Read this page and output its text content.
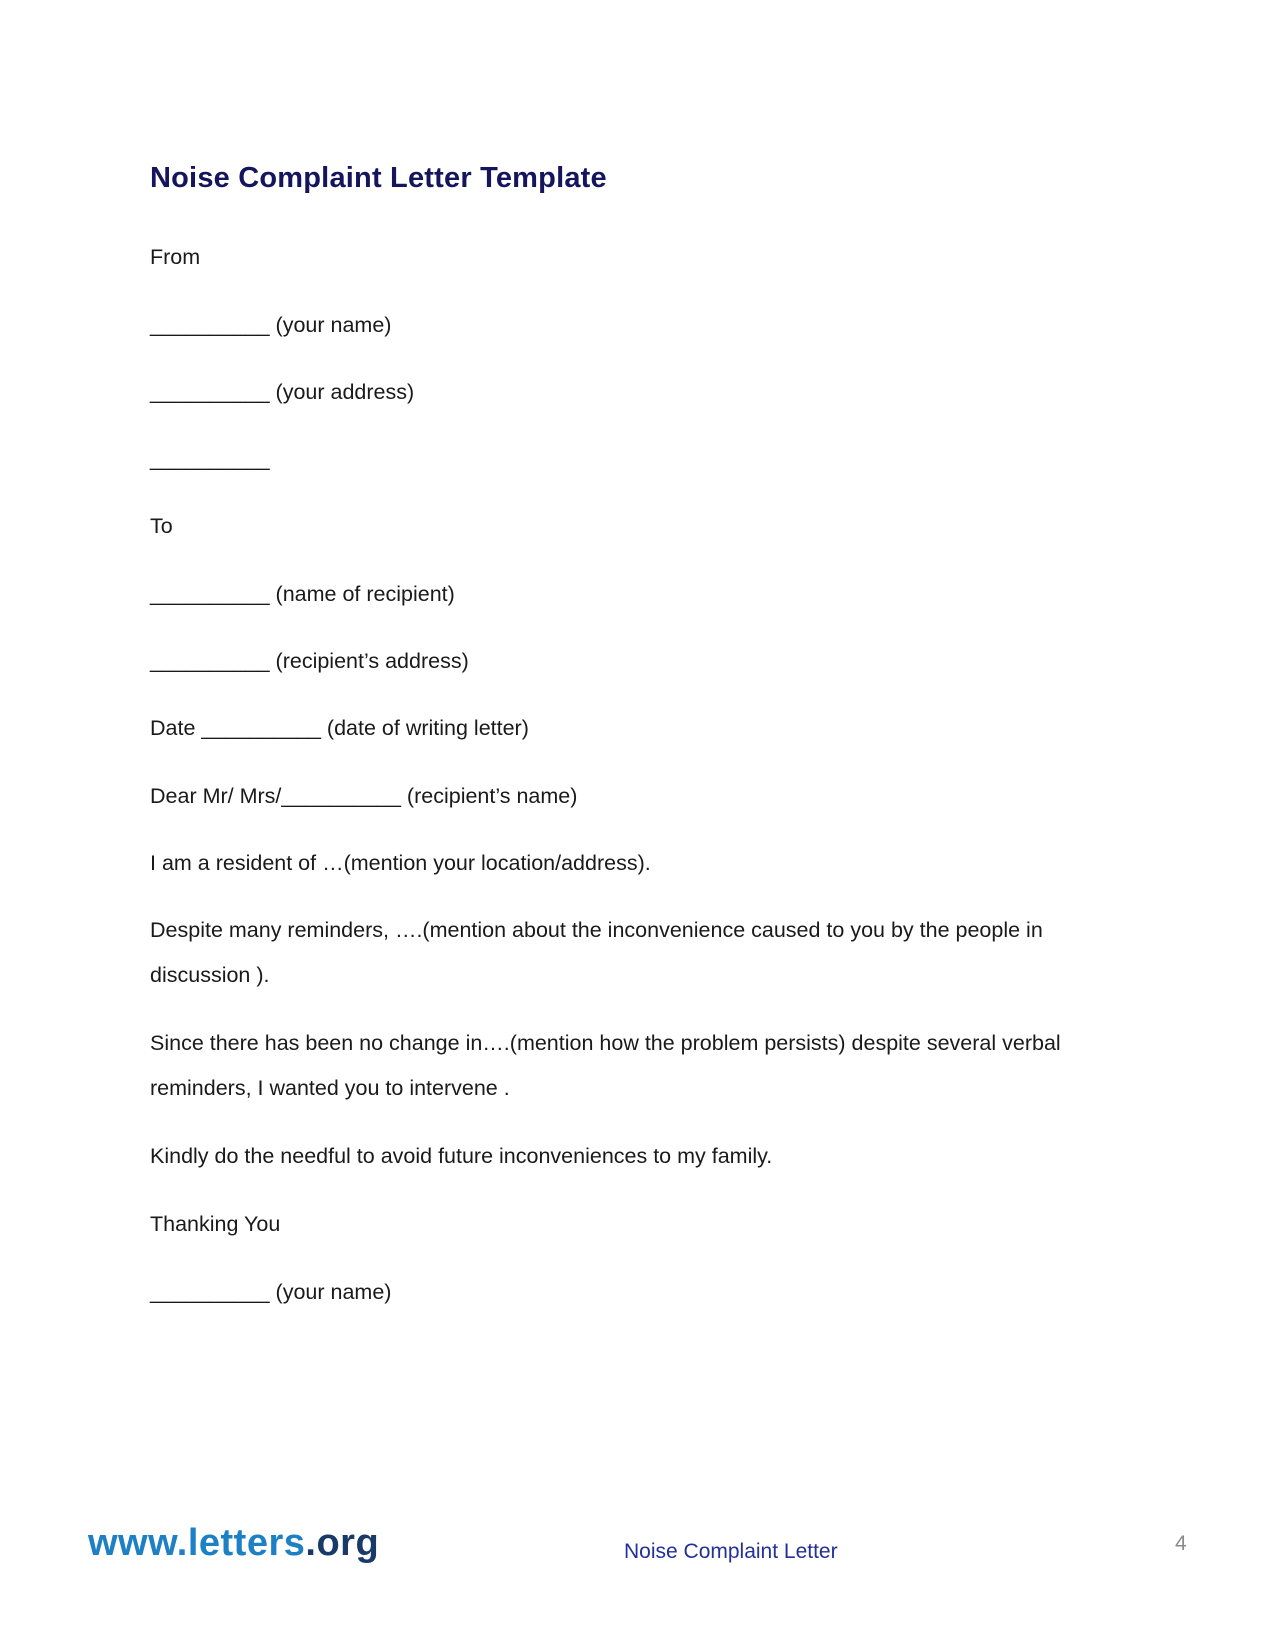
Noise Complaint Letter Template
From
__________ (your name)
__________ (your address)
__________
To
__________ (name of recipient)
__________ (recipient’s address)
Date __________ (date of writing letter)
Dear Mr/ Mrs/__________ (recipient’s name)
I am a resident of …(mention your location/address).
Despite many reminders, ….(mention about the inconvenience caused to you by the people in
discussion ).
Since there has been no change in….(mention how the problem persists) despite several verbal
reminders, I wanted you to intervene .
Kindly do the needful to avoid future inconveniences to my family.
Thanking You
__________ (your name)
www.letters.org	Noise Complaint Letter	4
